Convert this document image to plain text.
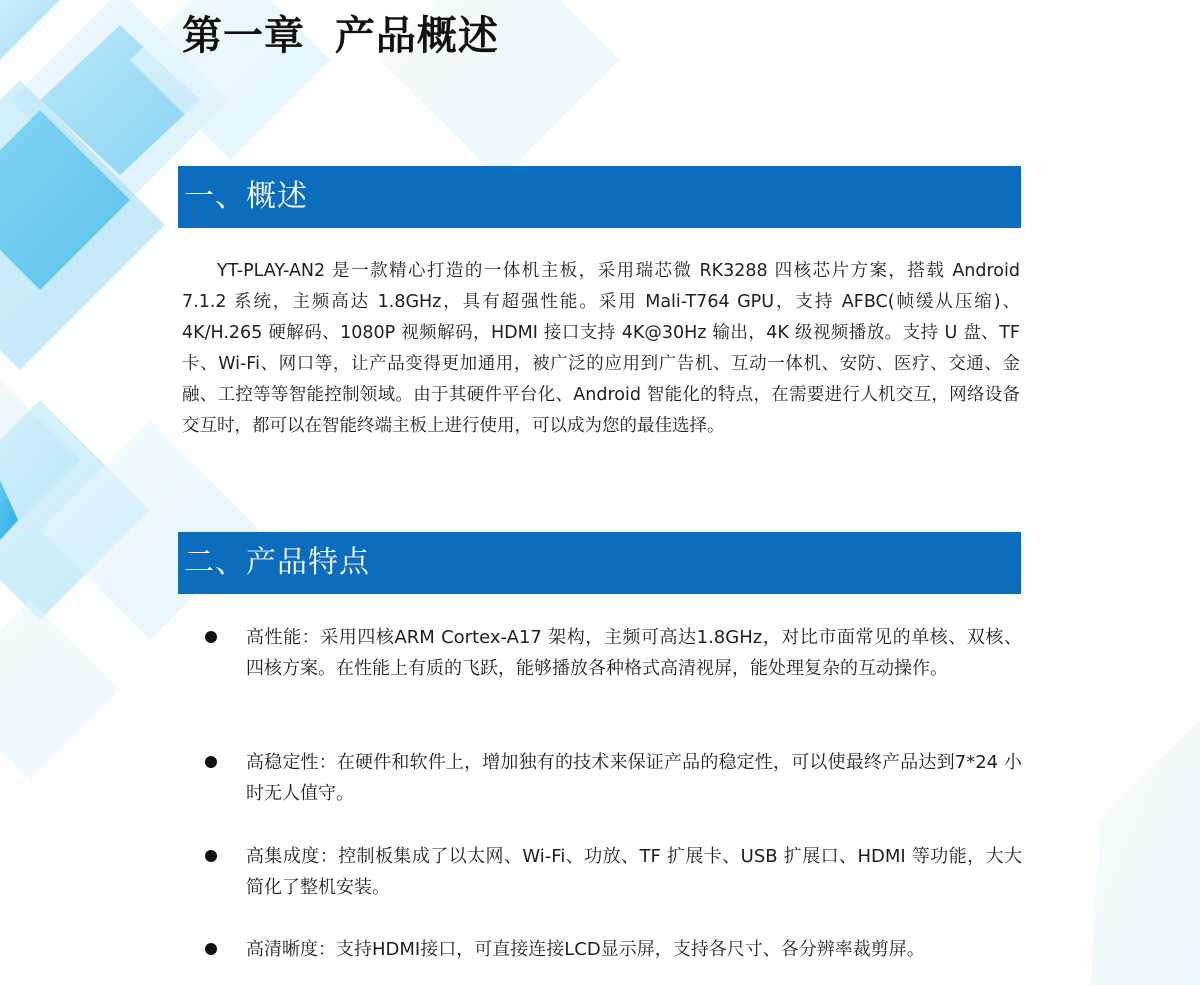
第一章  产品概述
一、概述

YT-PLAY-AN2 是一款精心打造的一体机主板，采用瑞芯微 RK3288 四核芯片方案，搭载 Android 7.1.2 系统，主频高达 1.8GHz，具有超强性能。采用 Mali-T764 GPU，支持 AFBC(帧缓从压缩)、4K/H.265 硬解码、1080P 视频解码，HDMI 接口支持 4K@30Hz 输出，4K 级视频播放。支持 U 盘、TF 卡、Wi-Fi、网口等，让产品变得更加通用，被广泛的应用到广告机、互动一体机、安防、医疗、交通、金融、工控等等智能控制领域。由于其硬件平台化、Android 智能化的特点，在需要进行人机交互，网络设备交互时，都可以在智能终端主板上进行使用，可以成为您的最佳选择。

二、产品特点
高性能：采用四核ARM Cortex-A17 架构，主频可高达1.8GHz，对比市面常见的单核、双核、四核方案。在性能上有质的飞跃，能够播放各种格式高清视屏，能处理复杂的互动操作。
高稳定性：在硬件和软件上，增加独有的技术来保证产品的稳定性，可以使最终产品达到7*24 小时无人值守。
高集成度：控制板集成了以太网、Wi-Fi、功放、TF 扩展卡、USB 扩展口、HDMI 等功能，大大简化了整机安装。
高清晰度：支持HDMI接口，可直接连接LCD显示屏，支持各尺寸、各分辨率裁剪屏。
